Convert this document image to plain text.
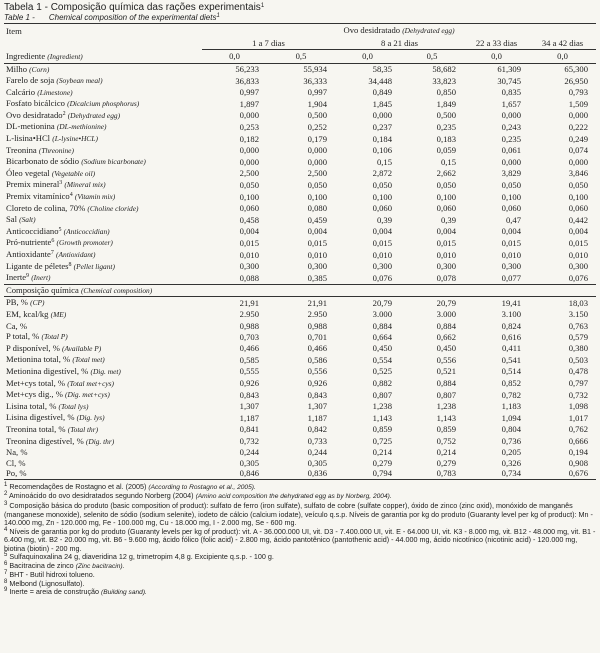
Tabela 1 - Composição química das rações experimentais$^1$
Table 1 - Chemical composition of the experimental diets$^1$
Item	Ovo desidratado (Dehydrated egg)					
	1 a 7 dias		8 a 21 dias		22 a 33 dias	34 a 42 dias
Ingrediente (Ingredient)	0,0	0,5	0,0	0,5	0,0	0,0
Milho (Corn)	56,233	55,934	58,35	58,682	61,309	65,300
Farelo de soja (Soybean meal)	36,833	36,333	34,448	33,823	30,745	26,950
Calcário (Limestone)	0,997	0,997	0,849	0,850	0,835	0,793
Fosfato bicálcico (Dicalcium phosphorus)	1,897	1,904	1,845	1,849	1,657	1,509
Ovo desidratado$^2$ (Dehydrated egg)	0,000	0,500	0,000	0,500	0,000	0,000
DL-metionina (DL-methionine)	0,253	0,252	0,237	0,235	0,243	0,222
L-lisina•HCl (L-lysine•HCL)	0,182	0,179	0,184	0,183	0,235	0,249
Treonina (Threonine)	0,000	0,000	0,106	0,059	0,061	0,074
Bicarbonato de sódio (Sodium bicarbonate)	0,000	0,000	0,15	0,15	0,000	0,000
Óleo vegetal (Vegetable oil)	2,500	2,500	2,872	2,662	3,829	3,846
Premix mineral$^3$ (Mineral mix)	0,050	0,050	0,050	0,050	0,050	0,050
Premix vitamínico$^4$ (Vitamin mix)	0,100	0,100	0,100	0,100	0,100	0,100
Cloreto de colina, 70% (Choline cloride)	0,060	0,080	0,060	0,060	0,060	0,060
Sal (Salt)	0,458	0,459	0,39	0,39	0,47	0,442
Anticoccidiano$^5$ (Anticoccidian)	0,004	0,004	0,004	0,004	0,004	0,004
Pró-nutriente$^6$ (Growth promoter)	0,015	0,015	0,015	0,015	0,015	0,015
Antioxidante$^7$ (Antioxidant)	0,010	0,010	0,010	0,010	0,010	0,010
Ligante de péletes$^8$ (Pellet ligant)	0,300	0,300	0,300	0,300	0,300	0,300
Inerte$^9$ (Inert)	0,088	0,385	0,076	0,078	0,077	0,076
Composição química (Chemical composition)						
PB, % (CP)	21,91	21,91	20,79	20,79	19,41	18,03
EM, kcal/kg (ME)	2.950	2.950	3.000	3.000	3.100	3.150
Ca, %	0,988	0,988	0,884	0,884	0,824	0,763
P total, % (Total P)	0,703	0,701	0,664	0,662	0,616	0,579
P disponível, % (Available P)	0,466	0,466	0,450	0,450	0,411	0,380
Metionina total, % (Total met)	0,585	0,586	0,554	0,556	0,541	0,503
Metionina digestível, % (Dig. met)	0,555	0,556	0,525	0,521	0,514	0,478
Met+cys total, % (Total met+cys)	0,926	0,926	0,882	0,884	0,852	0,797
Met+cys dig., % (Dig. met+cys)	0,843	0,843	0,807	0,807	0,782	0,732
Lisina total, % (Total lys)	1,307	1,307	1,238	1,238	1,183	1,098
Lisina digestível, % (Dig. lys)	1,187	1,187	1,143	1,143	1,094	1,017
Treonina total, % (Total thr)	0,841	0,842	0,859	0,859	0,804	0,762
Treonina digestível, % (Dig. thr)	0,732	0,733	0,725	0,752	0,736	0,666
Na, %	0,244	0,244	0,214	0,214	0,205	0,194
Cl, %	0,305	0,305	0,279	0,279	0,326	0,908
Po, %	0,846	0,836	0,794	0,783	0,734	0,676
$^1$ Recomendações de Rostagno et al. (2005) (According to Rostagno et al., 2005).
$^2$ Aminoácido do ovo desidratados segundo Norberg (2004) (Amino acid composition the dehydrated egg as by Norberg, 2004).
$^3$ Composição básica do produto (basic composition of product): sulfato de ferro (iron sulfate), sulfato de cobre (sulfate copper), óxido de zinco (zinc oxid), monóxido de manganês (manganese monoxide), selenito de sódio (sodium selenite), iodeto de cálcio (calcium iodate), veículo q.s.p. Níveis de garantia por kg do produto (Guaranty level per kg of product): Mn - 140.000 mg, Zn - 120.000 mg, Fe - 100.000 mg, Cu - 18.000 mg, I - 2.000 mg, Se - 600 mg.
$^4$ Níveis de garantia por kg do produto (Guaranty levels per kg of product): vit. A - 36.000.000 UI, vit. D3 - 7.400.000 UI, vit. E - 64.000 UI, vit. K3 - 8.000 mg, vit. B12 - 48.000 mg, vit. B1 - 6.400 mg, vit. B2 - 20.000 mg, vit. B6 - 9.600 mg, ácido fólico (folic acid) - 2.800 mg, ácido pantotênico (pantothenic acid) - 44.000 mg, ácido nicotínico (nicotinic acid) - 120.000 mg, biotina (biotin) - 200 mg.
$^5$ Sulfaquinoxalina 24 g, diaveridina 12 g, trimetropim 4,8 g. Excipiente q.s.p. - 100 g.
$^6$ Bacitracina de zinco (Zinc bacitracin).
$^7$ BHT - Butil hidroxi tolueno.
$^8$ Melbond (Lignosulfato).
$^9$ Inerte = areia de construção (Building sand).
